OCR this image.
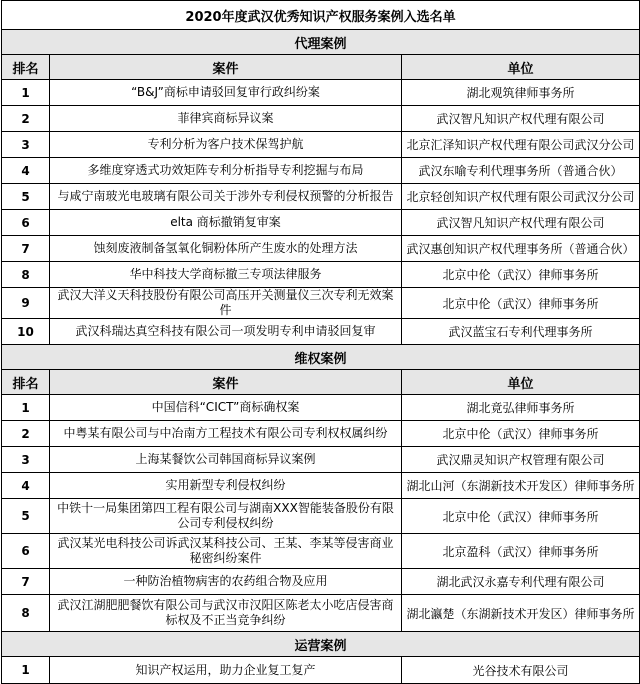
2020年度武汉优秀知识产权服务案例入选名单		
代理案例		
排名	案件	单位
1	“B&J”商标申请驳回复审行政纠纷案	湖北观筑律师事务所
2	菲律宾商标异议案	武汉智凡知识产权代理有限公司
3	专利分析为客户技术保驾护航	北京汇泽知识产权代理有限公司武汉分公司
4	多维度穿透式功效矩阵专利分析指导专利挖掘与布局	武汉东喻专利代理事务所（普通合伙）
5	与咸宁南玻光电玻璃有限公司关于涉外专利侵权预警的分析报告	北京轻创知识产权代理有限公司武汉分公司
6	elta 商标撤销复审案	武汉智凡知识产权代理有限公司
7	蚀刻废液制备氢氧化铜粉体所产生废水的处理方法	武汉惠创知识产权代理事务所（普通合伙）
8	华中科技大学商标撤三专项法律服务	北京中伦（武汉）律师事务所
9	武汉大洋义天科技股份有限公司高压开关测量仪三次专利无效案件	北京中伦（武汉）律师事务所
10	武汉科瑞达真空科技有限公司一项发明专利申请驳回复审	武汉蓝宝石专利代理事务所
维权案例		
排名	案件	单位
1	中国信科“CICT”商标确权案	湖北竟弘律师事务所
2	中粤某有限公司与中冶南方工程技术有限公司专利权权属纠纷	北京中伦（武汉）律师事务所
3	上海某餐饮公司韩国商标异议案例	武汉鼎灵知识产权管理有限公司
4	实用新型专利侵权纠纷	湖北山河（东湖新技术开发区）律师事务所
5	中铁十一局集团第四工程有限公司与湖南XXX智能装备股份有限公司专利侵权纠纷	北京中伦（武汉）律师事务所
6	武汉某光电科技公司诉武汉某科技公司、王某、李某等侵害商业秘密纠纷案件	北京盈科（武汉）律师事务所
7	一种防治植物病害的农药组合物及应用	湖北武汉永嘉专利代理有限公司
8	武汉江湖肥肥餐饮有限公司与武汉市汉阳区陈老太小吃店侵害商标权及不正当竞争纠纷	湖北瀛楚（东湖新技术开发区）律师事务所
运营案例		
1	知识产权运用，助力企业复工复产	光谷技术有限公司
